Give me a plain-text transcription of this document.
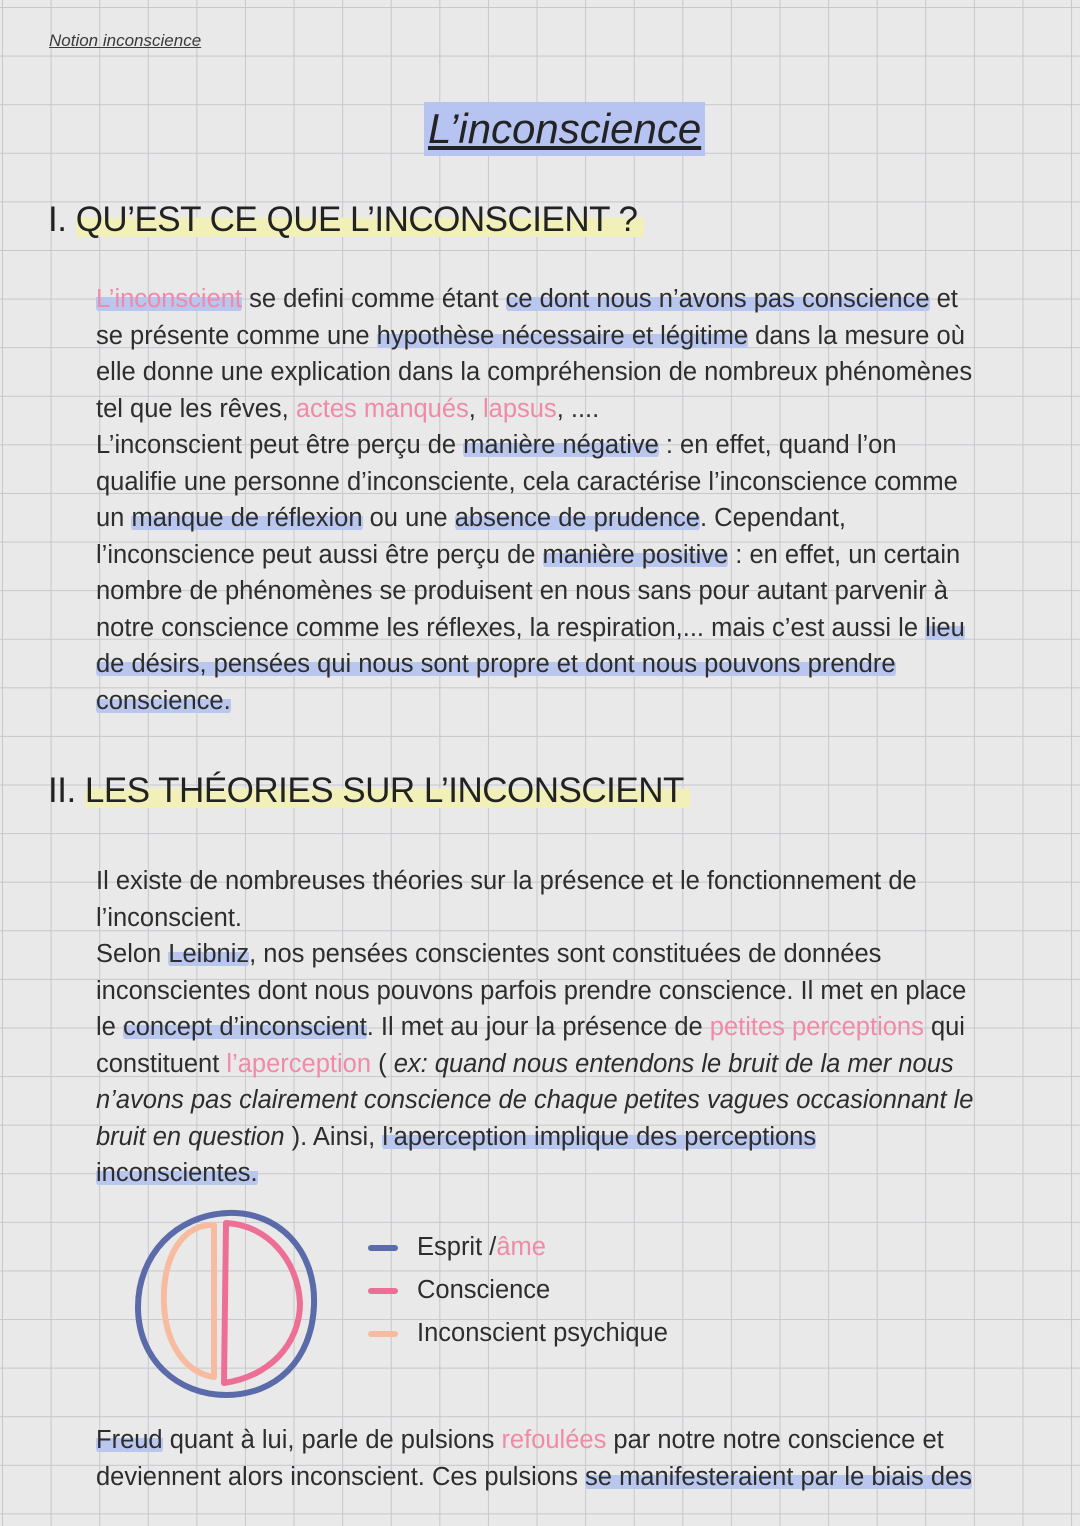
Notion inconscience
L’inconscience
I. QU’EST CE QUE L’INCONSCIENT ?
L’inconscient se defini comme étant ce dont nous n’avons pas conscience et
se présente comme une hypothèse nécessaire et légitime dans la mesure où
elle donne une explication dans la compréhension de nombreux phénomènes
tel que les rêves, actes manqués, lapsus, ....
L’inconscient peut être perçu de manière négative : en effet, quand l’on
qualifie une personne d’inconsciente, cela caractérise l’inconscience comme
un manque de réflexion ou une absence de prudence. Cependant,
l’inconscience peut aussi être perçu de manière positive : en effet, un certain
nombre de phénomènes se produisent en nous sans pour autant parvenir à
notre conscience comme les réflexes, la respiration,... mais c’est aussi le lieu
de désirs, pensées qui nous sont propre et dont nous pouvons prendre
conscience.
II. LES THÉORIES SUR L’INCONSCIENT
Il existe de nombreuses théories sur la présence et le fonctionnement de
l’inconscient.
Selon Leibniz, nos pensées conscientes sont constituées de données
inconscientes dont nous pouvons parfois prendre conscience. Il met en place
le concept d’inconscient. Il met au jour la présence de petites perceptions qui
constituent l’aperception ( ex: quand nous entendons le bruit de la mer nous
n’avons pas clairement conscience de chaque petites vagues occasionnant le
bruit en question ). Ainsi, l’aperception implique des perceptions
inconscientes.
Esprit / âme
Conscience
Inconscient psychique
Freud quant à lui, parle de pulsions refoulées par notre notre conscience et
deviennent alors inconscient. Ces pulsions se manifesteraient par le biais des
